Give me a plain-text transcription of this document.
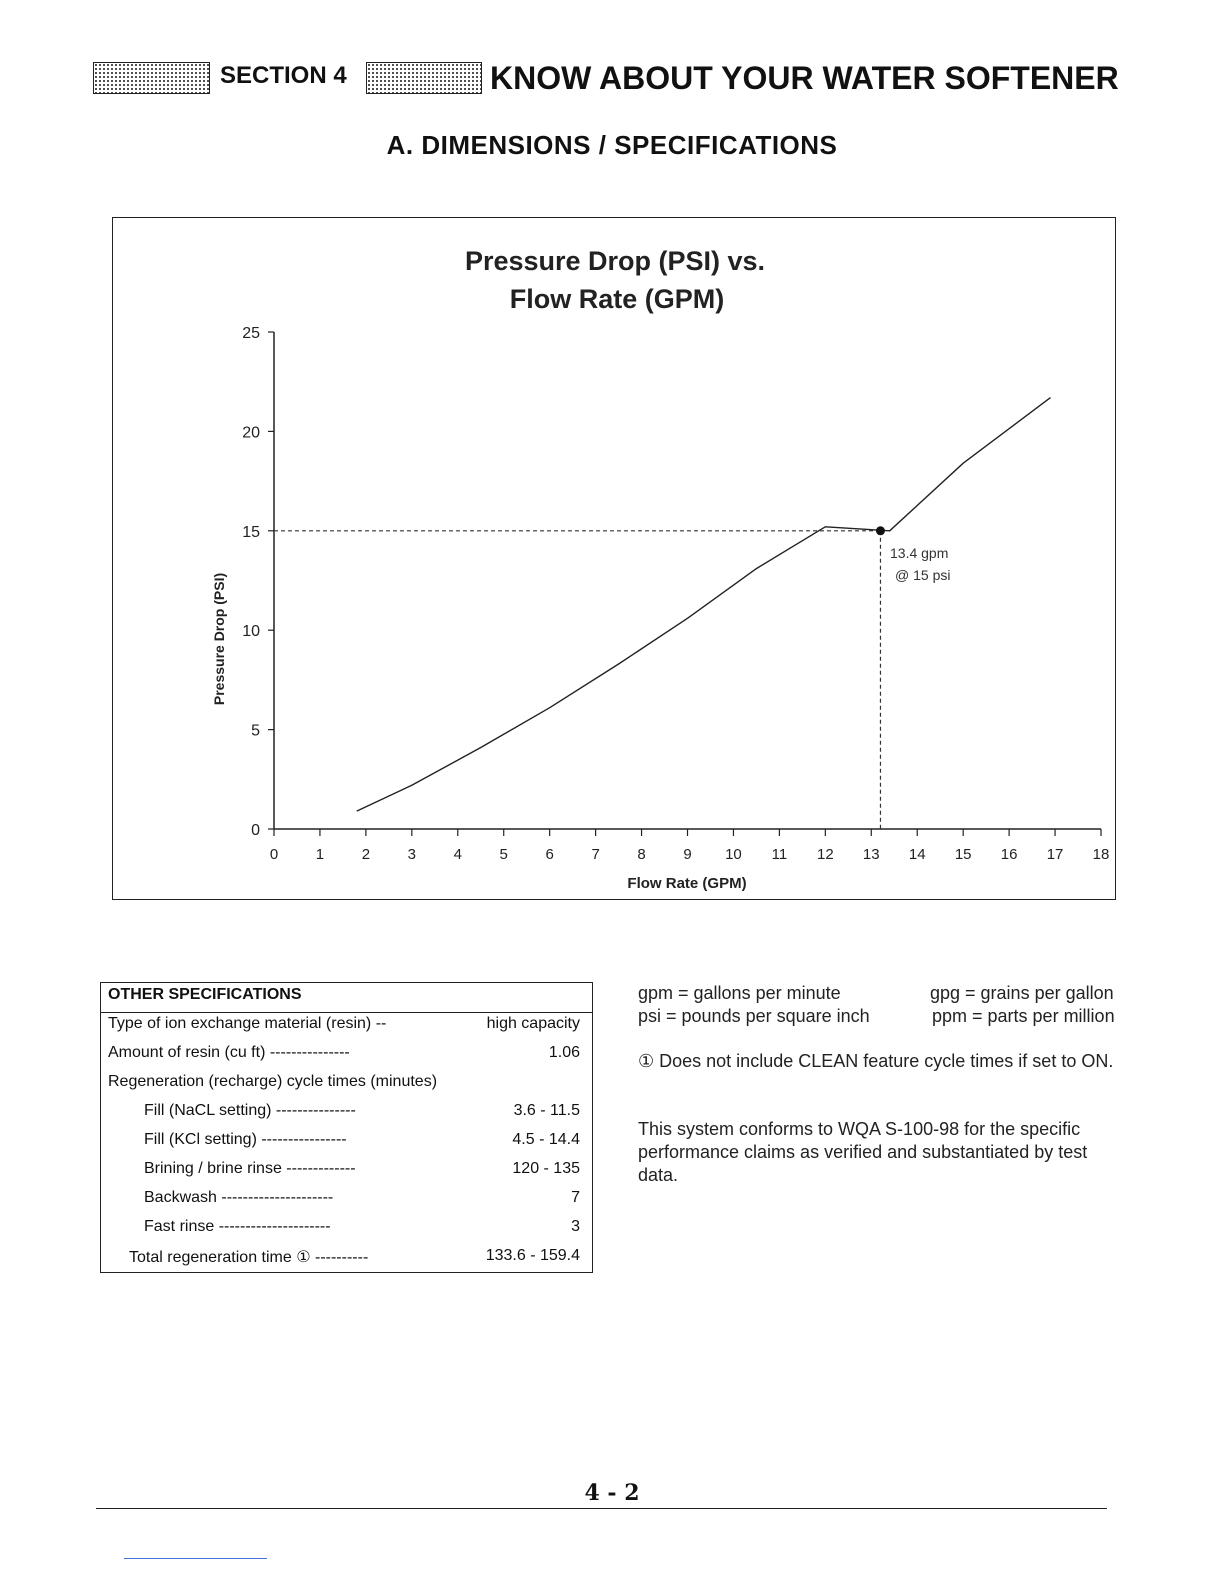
SECTION 4	KNOW ABOUT YOUR WATER SOFTENER
A. DIMENSIONS / SPECIFICATIONS
Pressure Drop (PSI) vs.
Flow Rate (GPM)
0
5
10
15
20
25
0	1	2	3	4	5	6	7	8	9 10 11 12 13 14 15 16 17 18
Flow Rate (GPM)
Pressure Drop (PSI)
13.4 gpm
@ 15 psi
OTHER SPECIFICATIONS
Type of ion exchange material (resin) --	high capacity
Amount of resin (cu ft) ---------------	1.06
Regeneration (recharge) cycle times (minutes)
Fill (NaCL setting) ---------------	3.6 - 11.5
Fill (KCl setting) ----------------	4.5 - 14.4
Brining / brine rinse -------------	120 - 135
Backwash ---------------------	7
Fast rinse ---------------------	3
Total regeneration time ① ----------	133.6 - 159.4
gpm = gallons per minute
psi = pounds per square inch
gpg = grains per gallon
ppm = parts per million
① Does not include CLEAN feature cycle times if set to ON.
This system conforms to WQA S-100-98 for the specific performance claims as verified and substantiated by test data.
4 - 2
